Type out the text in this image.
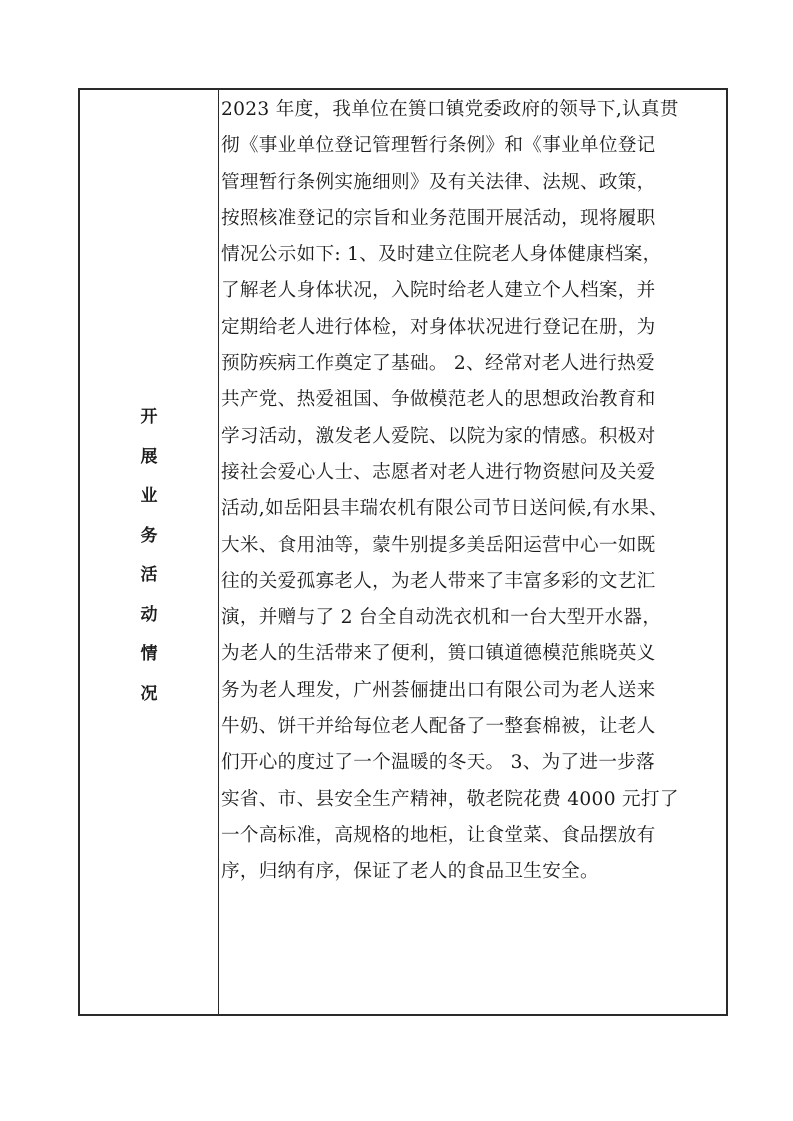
开
展
业
务
活
动
情
况
2023 年度，我单位在篑口镇党委政府的领导下,认真贯
彻《事业单位登记管理暂行条例》和《事业单位登记
管理暂行条例实施细则》及有关法律、法规、政策，
按照核准登记的宗旨和业务范围开展活动，现将履职
情况公示如下: 1、及时建立住院老人身体健康档案，
了解老人身体状况，入院时给老人建立个人档案，并
定期给老人进行体检，对身体状况进行登记在册，为
预防疾病工作奠定了基础。 2、经常对老人进行热爱
共产党、热爱祖国、争做模范老人的思想政治教育和
学习活动，激发老人爱院、以院为家的情感。积极对
接社会爱心人士、志愿者对老人进行物资慰问及关爱
活动,如岳阳县丰瑞农机有限公司节日送问候,有水果、
大米、食用油等，蒙牛别提多美岳阳运营中心一如既
往的关爱孤寡老人，为老人带来了丰富多彩的文艺汇
演，并赠与了 2 台全自动洗衣机和一台大型开水器，
为老人的生活带来了便利，篑口镇道德模范熊晓英义
务为老人理发，广州荟俪捷出口有限公司为老人送来
牛奶、饼干并给每位老人配备了一整套棉被，让老人
们开心的度过了一个温暖的冬天。 3、为了进一步落
实省、市、县安全生产精神，敬老院花费 4000 元打了
一个高标准，高规格的地柜，让食堂菜、食品摆放有
序，归纳有序，保证了老人的食品卫生安全。
